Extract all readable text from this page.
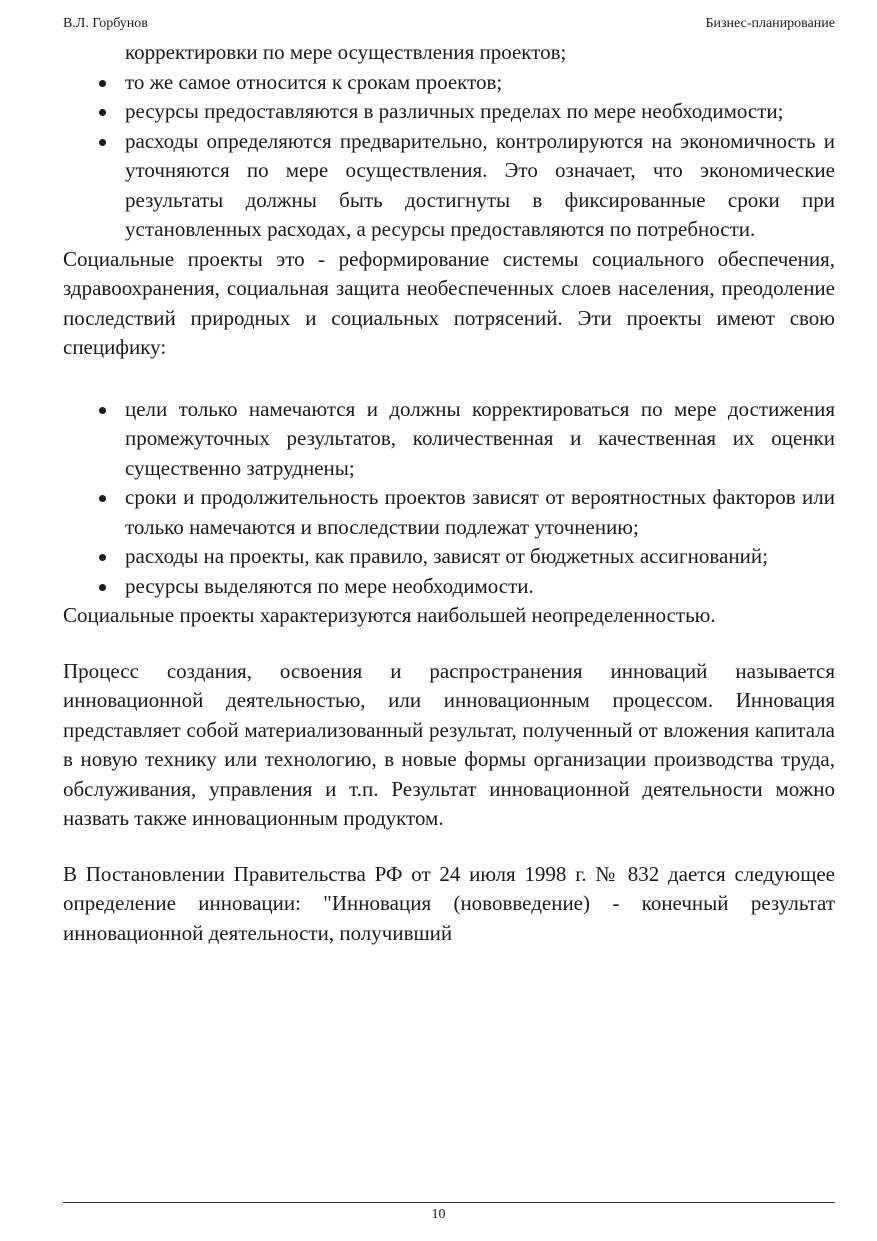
В.Л. Горбунов	Бизнес-планирование
корректировки по мере осуществления проектов;
то же самое относится к срокам проектов;
ресурсы предоставляются в различных пределах по мере необходимости;
расходы определяются предварительно, контролируются на экономичность и уточняются по мере осуществления. Это означает, что экономические результаты должны быть достигнуты в фиксированные сроки при установленных расходах, а ресурсы предоставляются по потребности.

Социальные проекты это - реформирование системы социального обеспечения, здравоохранения, социальная защита необеспеченных слоев населения, преодоление последствий природных и социальных потрясений. Эти проекты имеют свою специфику:

цели только намечаются и должны корректироваться по мере достижения промежуточных результатов, количественная и качественная их оценки существенно затруднены;
сроки и продолжительность проектов зависят от вероятностных факторов или только намечаются и впоследствии подлежат уточнению;
расходы на проекты, как правило, зависят от бюджетных ассигнований;
ресурсы выделяются по мере необходимости.

Социальные проекты характеризуются наибольшей неопределенностью.

Процесс создания, освоения и распространения инноваций называется инновационной деятельностью, или инновационным процессом. Инновация представляет собой материализованный результат, полученный от вложения капитала в новую технику или технологию, в новые формы организации производства труда, обслуживания, управления и т.п. Результат инновационной деятельности можно назвать также инновационным продуктом.

В Постановлении Правительства РФ от 24 июля 1998 г. № 832 дается следующее определение инновации: "Инновация (нововведение) - конечный результат инновационной деятельности, получивший

10
